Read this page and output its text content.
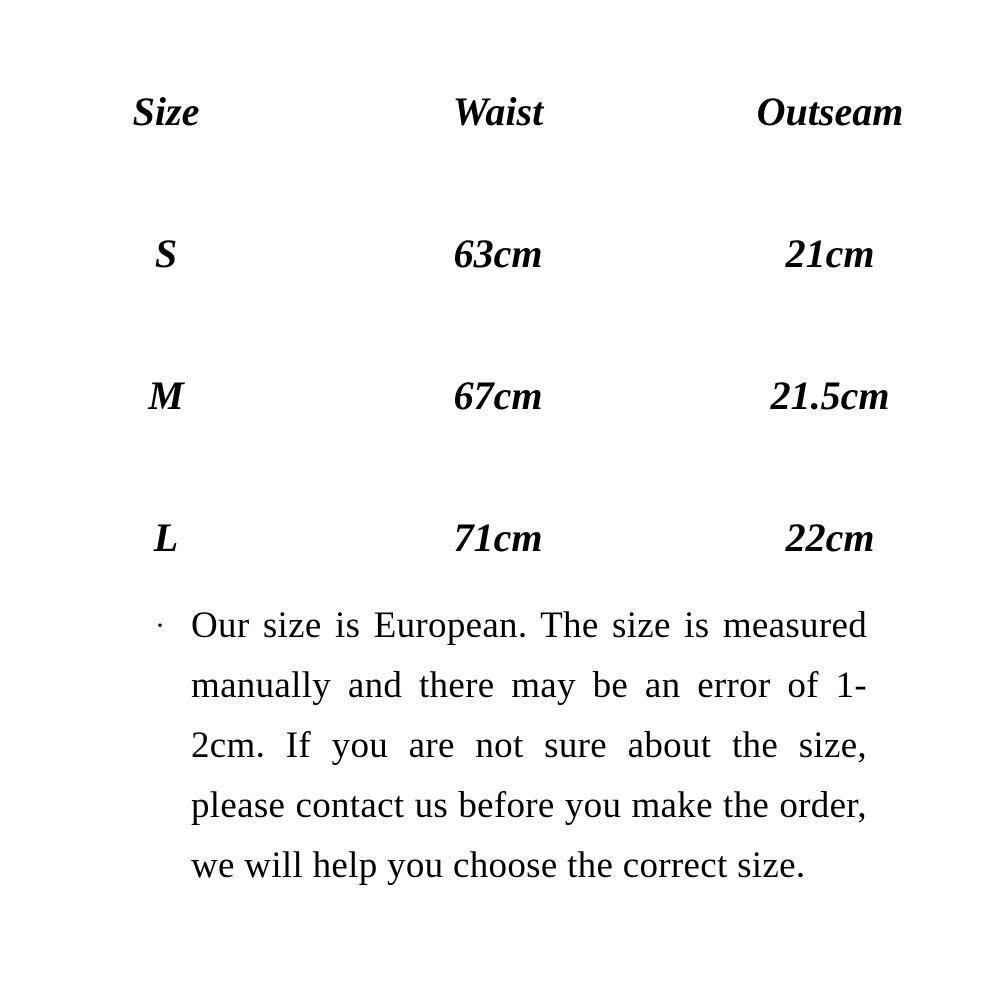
Size	Waist	Outseam
S	63cm	21cm
M	67cm	21.5cm
L	71cm	22cm
· Our size is European. The size is measured manually and there may be an error of 1-2cm. If you are not sure about the size, please contact us before you make the order, we will help you choose the correct size.
